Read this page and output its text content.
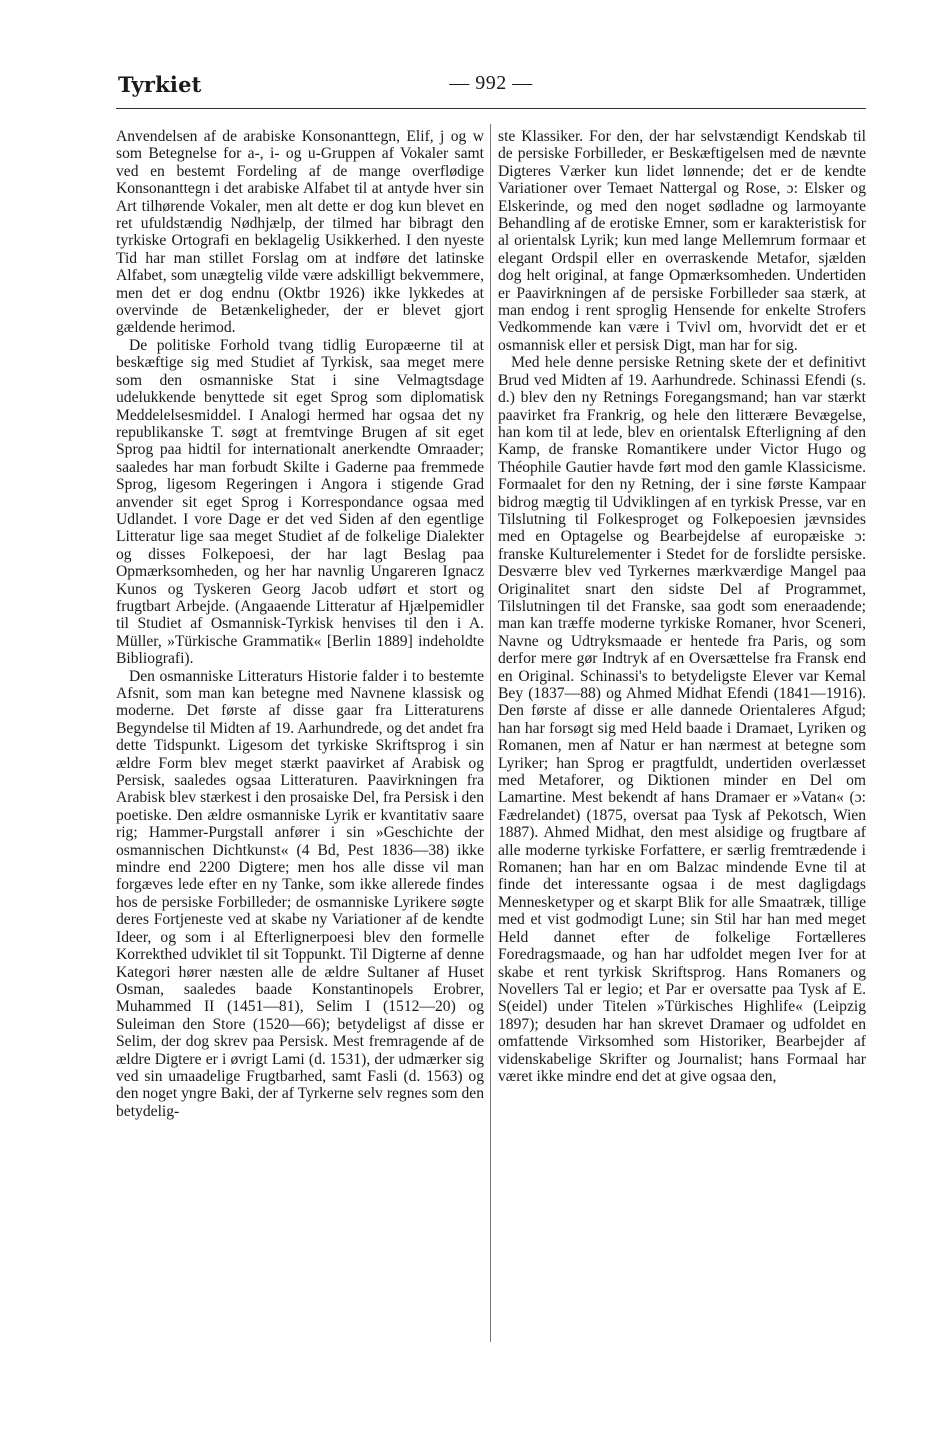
Tyrkiet	— 992 —

Anvendelsen af de arabiske Konsonanttegn, Elif, j og w som Betegnelse for a-, i- og u-Gruppen af Vokaler samt ved en bestemt Fordeling af de mange overflødige Konsonanttegn i det arabiske Alfabet til at antyde hver sin Art tilhørende Vokaler, men alt dette er dog kun blevet en ret ufuldstændig Nødhjælp, der tilmed har bibragt den tyrkiske Ortografi en beklagelig Usikkerhed. I den nyeste Tid har man stillet Forslag om at indføre det latinske Alfabet, som unægtelig vilde være adskilligt bekvemmere, men det er dog endnu (Oktbr 1926) ikke lykkedes at overvinde de Betænkeligheder, der er blevet gjort gældende herimod.

De politiske Forhold tvang tidlig Europæerne til at beskæftige sig med Studiet af Tyrkisk, saa meget mere som den osmanniske Stat i sine Velmagtsdage udelukkende benyttede sit eget Sprog som diplomatisk Meddelelsesmiddel. I Analogi hermed har ogsaa det ny republikanske T. søgt at fremtvinge Brugen af sit eget Sprog paa hidtil for internationalt anerkendte Omraader; saaledes har man forbudt Skilte i Gaderne paa fremmede Sprog, ligesom Regeringen i Angora i stigende Grad anvender sit eget Sprog i Korrespondance ogsaa med Udlandet. I vore Dage er det ved Siden af den egentlige Litteratur lige saa meget Studiet af de folkelige Dialekter og disses Folkepoesi, der har lagt Beslag paa Opmærksomheden, og her har navnlig Ungareren Ignacz Kunos og Tyskeren Georg Jacob udført et stort og frugtbart Arbejde. (Angaaende Litteratur af Hjælpemidler til Studiet af Osmannisk-Tyrkisk henvises til den i A. Müller, »Türkische Grammatik« [Berlin 1889] indeholdte Bibliografi).

Den osmanniske Litteraturs Historie falder i to bestemte Afsnit, som man kan betegne med Navnene klassisk og moderne. Det første af disse gaar fra Litteraturens Begyndelse til Midten af 19. Aarhundrede, og det andet fra dette Tidspunkt. Ligesom det tyrkiske Skriftsprog i sin ældre Form blev meget stærkt paavirket af Arabisk og Persisk, saaledes ogsaa Litteraturen. Paavirkningen fra Arabisk blev stærkest i den prosaiske Del, fra Persisk i den poetiske. Den ældre osmanniske Lyrik er kvantitativ saare rig; Hammer-Purgstall anfører i sin »Geschichte der osmannischen Dichtkunst« (4 Bd, Pest 1836—38) ikke mindre end 2200 Digtere; men hos alle disse vil man forgæves lede efter en ny Tanke, som ikke allerede findes hos de persiske Forbilleder; de osmanniske Lyrikere søgte deres Fortjeneste ved at skabe ny Variationer af de kendte Ideer, og som i al Efterlignerpoesi blev den formelle Korrekthed udviklet til sit Toppunkt. Til Digterne af denne Kategori hører næsten alle de ældre Sultaner af Huset Osman, saaledes baade Konstantinopels Erobrer, Muhammed II (1451—81), Selim I (1512—20) og Suleiman den Store (1520—66); betydeligst af disse er Selim, der dog skrev paa Persisk. Mest fremragende af de ældre Digtere er i øvrigt Lami (d. 1531), der udmærker sig ved sin umaadelige Frugtbarhed, samt Fasli (d. 1563) og den noget yngre Baki, der af Tyrkerne selv regnes som den betydelig-

ste Klassiker. For den, der har selvstændigt Kendskab til de persiske Forbilleder, er Beskæftigelsen med de nævnte Digteres Værker kun lidet lønnende; det er de kendte Variationer over Temaet Nattergal og Rose, ɔ: Elsker og Elskerinde, og med den noget sødladne og larmoyante Behandling af de erotiske Emner, som er karakteristisk for al orientalsk Lyrik; kun med lange Mellemrum formaar et elegant Ordspil eller en overraskende Metafor, sjælden dog helt original, at fange Opmærksomheden. Undertiden er Paavirkningen af de persiske Forbilleder saa stærk, at man endog i rent sproglig Hensende for enkelte Strofers Vedkommende kan være i Tvivl om, hvorvidt det er et osmannisk eller et persisk Digt, man har for sig.

Med hele denne persiske Retning skete der et definitivt Brud ved Midten af 19. Aarhundrede. Schinassi Efendi (s. d.) blev den ny Retnings Foregangsmand; han var stærkt paavirket fra Frankrig, og hele den litterære Bevægelse, han kom til at lede, blev en orientalsk Efterligning af den Kamp, de franske Romantikere under Victor Hugo og Théophile Gautier havde ført mod den gamle Klassicisme. Formaalet for den ny Retning, der i sine første Kampaar bidrog mægtig til Udviklingen af en tyrkisk Presse, var en Tilslutning til Folkesproget og Folkepoesien jævnsides med en Optagelse og Bearbejdelse af europæiske ɔ: franske Kulturelementer i Stedet for de forslidte persiske. Desværre blev ved Tyrkernes mærkværdige Mangel paa Originalitet snart den sidste Del af Programmet, Tilslutningen til det Franske, saa godt som eneraadende; man kan træffe moderne tyrkiske Romaner, hvor Sceneri, Navne og Udtryksmaade er hentede fra Paris, og som derfor mere gør Indtryk af en Oversættelse fra Fransk end en Original. Schinassi's to betydeligste Elever var Kemal Bey (1837—88) og Ahmed Midhat Efendi (1841—1916). Den første af disse er alle dannede Orientaleres Afgud; han har forsøgt sig med Held baade i Dramaet, Lyriken og Romanen, men af Natur er han nærmest at betegne som Lyriker; han Sprog er pragtfuldt, undertiden overlæsset med Metaforer, og Diktionen minder en Del om Lamartine. Mest bekendt af hans Dramaer er »Vatan« (ɔ: Fædrelandet) (1875, oversat paa Tysk af Pekotsch, Wien 1887). Ahmed Midhat, den mest alsidige og frugtbare af alle moderne tyrkiske Forfattere, er særlig fremtrædende i Romanen; han har en om Balzac mindende Evne til at finde det interessante ogsaa i de mest dagligdags Mennesketyper og et skarpt Blik for alle Smaatræk, tillige med et vist godmodigt Lune; sin Stil har han med meget Held dannet efter de folkelige Fortælleres Foredragsmaade, og han har udfoldet megen Iver for at skabe et rent tyrkisk Skriftsprog. Hans Romaners og Novellers Tal er legio; et Par er oversatte paa Tysk af E. S(eidel) under Titelen »Türkisches Highlife« (Leipzig 1897); desuden har han skrevet Dramaer og udfoldet en omfattende Virksomhed som Historiker, Bearbejder af videnskabelige Skrifter og Journalist; hans Formaal har været ikke mindre end det at give ogsaa den,
